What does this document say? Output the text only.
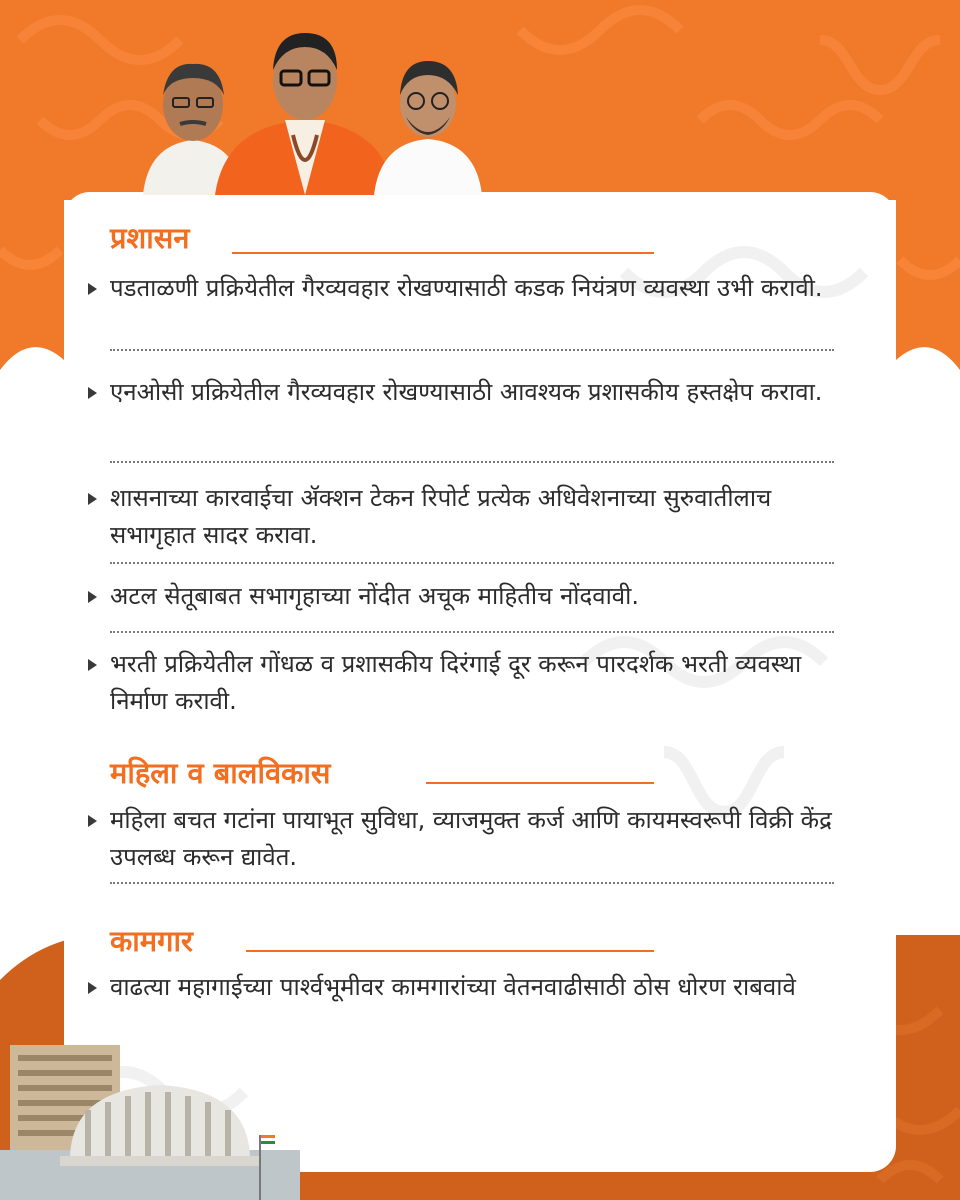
प्रशासन
पडताळणी प्रक्रियेतील गैरव्यवहार रोखण्यासाठी कडक नियंत्रण व्यवस्था उभी करावी.
एनओसी प्रक्रियेतील गैरव्यवहार रोखण्यासाठी आवश्यक प्रशासकीय हस्तक्षेप करावा.
शासनाच्या कारवाईचा ॲक्शन टेकन रिपोर्ट प्रत्येक अधिवेशनाच्या सुरुवातीलाच सभागृहात सादर करावा.
अटल सेतूबाबत सभागृहाच्या नोंदीत अचूक माहितीच नोंदवावी.
भरती प्रक्रियेतील गोंधळ व प्रशासकीय दिरंगाई दूर करून पारदर्शक भरती व्यवस्था निर्माण करावी.
महिला व बालविकास
महिला बचत गटांना पायाभूत सुविधा, व्याजमुक्त कर्ज आणि कायमस्वरूपी विक्री केंद्र उपलब्ध करून द्यावेत.
कामगार
वाढत्या महागाईच्या पार्श्वभूमीवर कामगारांच्या वेतनवाढीसाठी ठोस धोरण राबवावे
